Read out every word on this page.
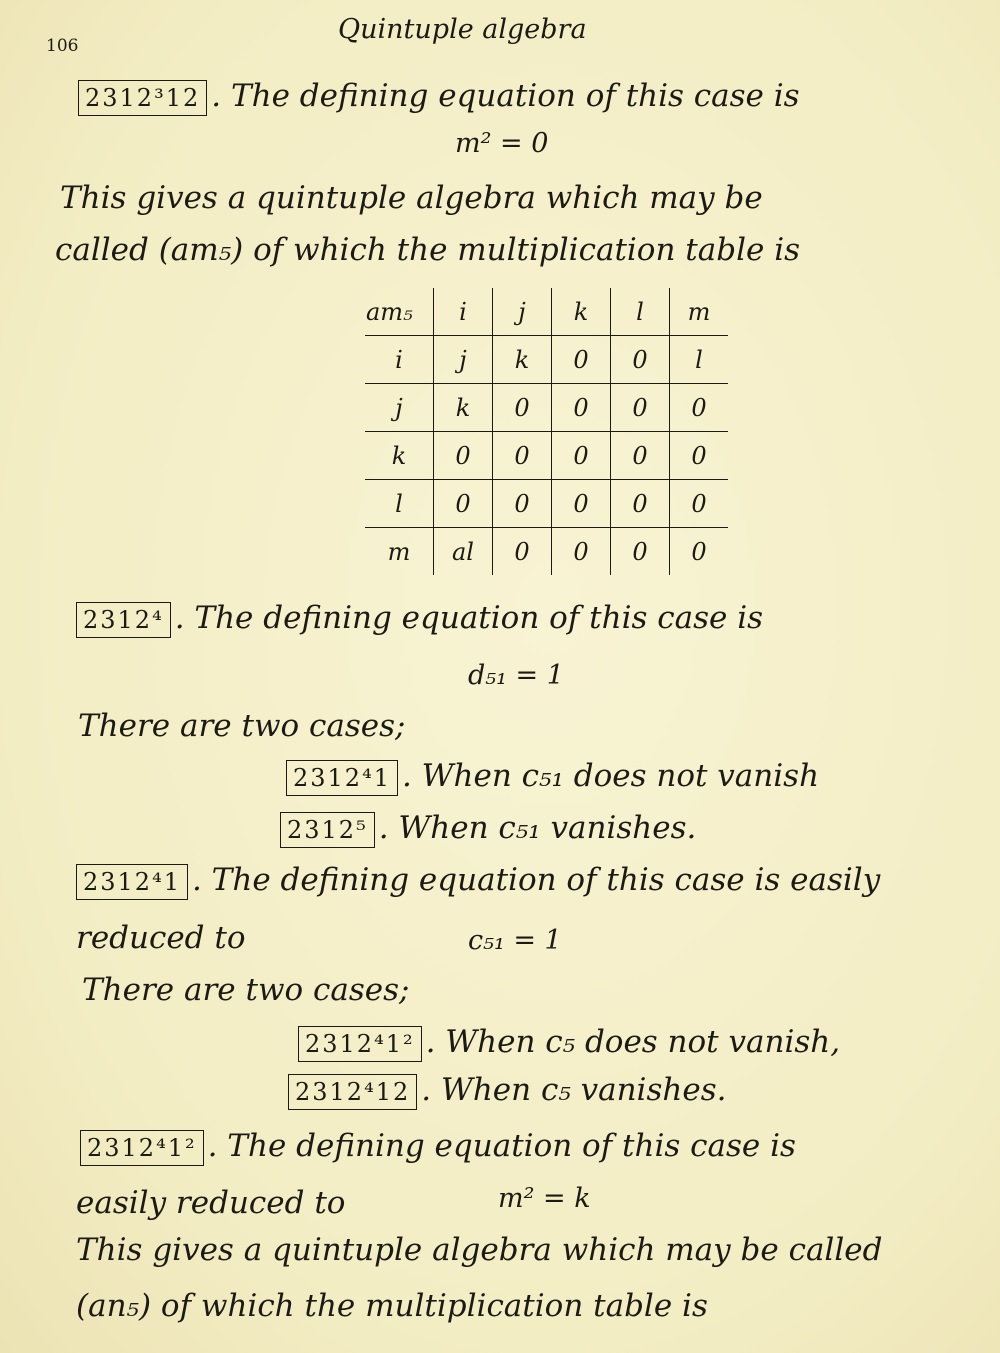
106
Quintuple algebra
2312³12 . The defining equation of this case is
m² = 0
This gives a quintuple algebra which may be
called (am₅) of which the multiplication table is
am₅	i	j	k	l	m
i	j	k	0	0	l
j	k	0	0	0	0
k	0	0	0	0	0
l	0	0	0	0	0
m	al	0	0	0	0
2312⁴ . The defining equation of this case is
d₅₁ = 1
There are two cases;
2312⁴1 . When c₅₁ does not vanish
2312⁵ . When c₅₁ vanishes.
2312⁴1 . The defining equation of this case is easily
reduced to	c₅₁ = 1
There are two cases;
2312⁴1² . When c₅ does not vanish,
2312⁴12 . When c₅ vanishes.
2312⁴1² . The defining equation of this case is
easily reduced to	m² = k
This gives a quintuple algebra which may be called
(an₅) of which the multiplication table is
